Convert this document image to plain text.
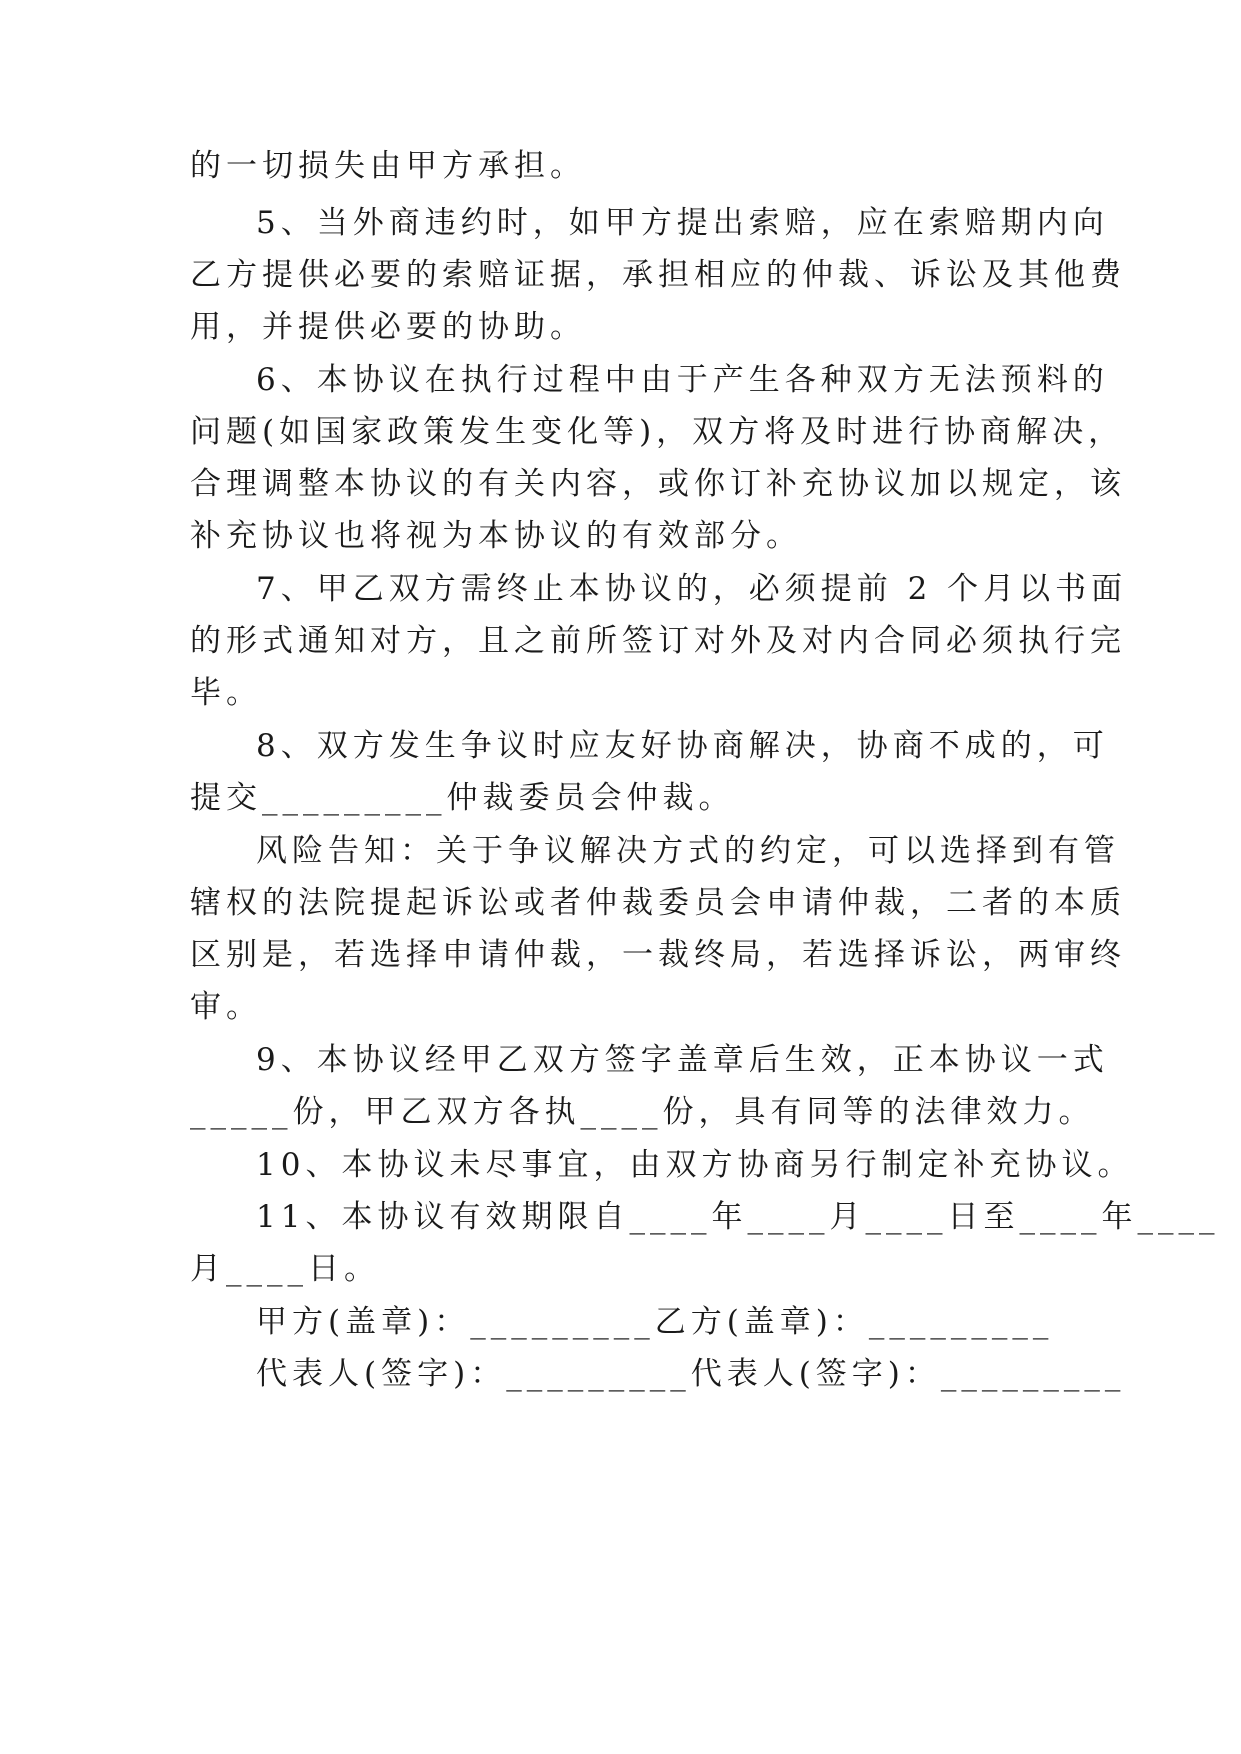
的一切损失由甲方承担。

5、当外商违约时，如甲方提出索赔，应在索赔期内向

乙方提供必要的索赔证据，承担相应的仲裁、诉讼及其他费

用，并提供必要的协助。

6、本协议在执行过程中由于产生各种双方无法预料的

问题(如国家政策发生变化等)，双方将及时进行协商解决，

合理调整本协议的有关内容，或你订补充协议加以规定，该

补充协议也将视为本协议的有效部分。

7、甲乙双方需终止本协议的，必须提前 2 个月以书面

的形式通知对方，且之前所签订对外及对内合同必须执行完

毕。

8、双方发生争议时应友好协商解决，协商不成的，可

提交_________仲裁委员会仲裁。

风险告知：关于争议解决方式的约定，可以选择到有管

辖权的法院提起诉讼或者仲裁委员会申请仲裁，二者的本质

区别是，若选择申请仲裁，一裁终局，若选择诉讼，两审终

审。

9、本协议经甲乙双方签字盖章后生效，正本协议一式

_____份，甲乙双方各执____份，具有同等的法律效力。

10、本协议未尽事宜，由双方协商另行制定补充协议。

11、本协议有效期限自____年____月____日至____年____

月____日。

甲方(盖章)：_________乙方(盖章)：_________

代表人(签字)：_________代表人(签字)：_________
